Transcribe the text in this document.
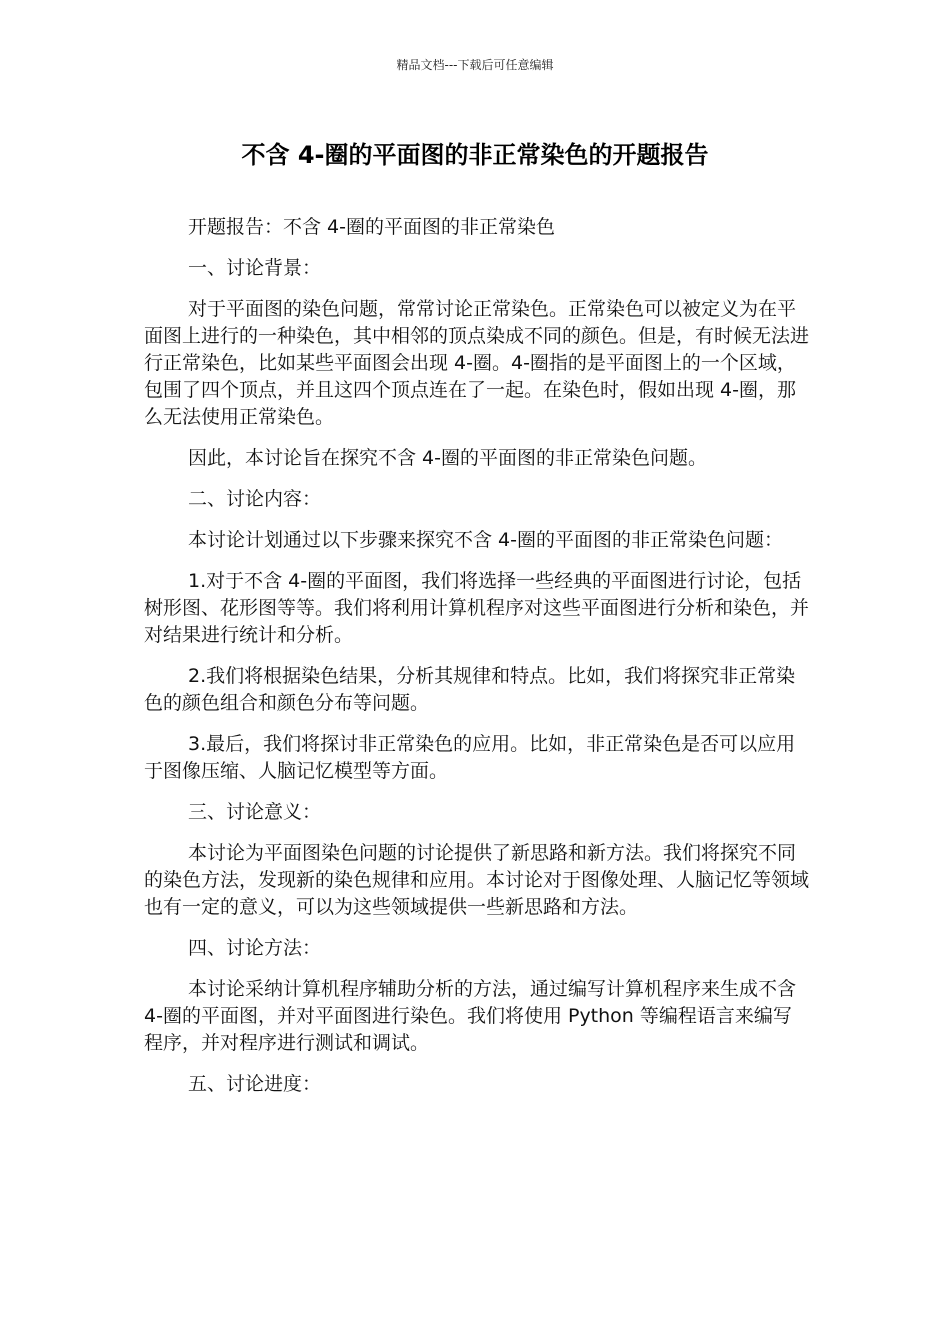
精品文档---下载后可任意编辑
不含 4-圈的平面图的非正常染色的开题报告

开题报告：不含 4-圈的平面图的非正常染色

一、讨论背景：

对于平面图的染色问题，常常讨论正常染色。正常染色可以被定义为在平面图上进行的一种染色，其中相邻的顶点染成不同的颜色。但是，有时候无法进行正常染色，比如某些平面图会出现 4-圈。4-圈指的是平面图上的一个区域，包围了四个顶点，并且这四个顶点连在了一起。在染色时，假如出现 4-圈，那么无法使用正常染色。

因此，本讨论旨在探究不含 4-圈的平面图的非正常染色问题。

二、讨论内容：

本讨论计划通过以下步骤来探究不含 4-圈的平面图的非正常染色问题：

1.对于不含 4-圈的平面图，我们将选择一些经典的平面图进行讨论，包括树形图、花形图等等。我们将利用计算机程序对这些平面图进行分析和染色，并对结果进行统计和分析。

2.我们将根据染色结果，分析其规律和特点。比如，我们将探究非正常染色的颜色组合和颜色分布等问题。

3.最后，我们将探讨非正常染色的应用。比如，非正常染色是否可以应用于图像压缩、人脑记忆模型等方面。

三、讨论意义：

本讨论为平面图染色问题的讨论提供了新思路和新方法。我们将探究不同的染色方法，发现新的染色规律和应用。本讨论对于图像处理、人脑记忆等领域也有一定的意义，可以为这些领域提供一些新思路和方法。

四、讨论方法：

本讨论采纳计算机程序辅助分析的方法，通过编写计算机程序来生成不含 4-圈的平面图，并对平面图进行染色。我们将使用 Python 等编程语言来编写程序，并对程序进行测试和调试。

五、讨论进度：
